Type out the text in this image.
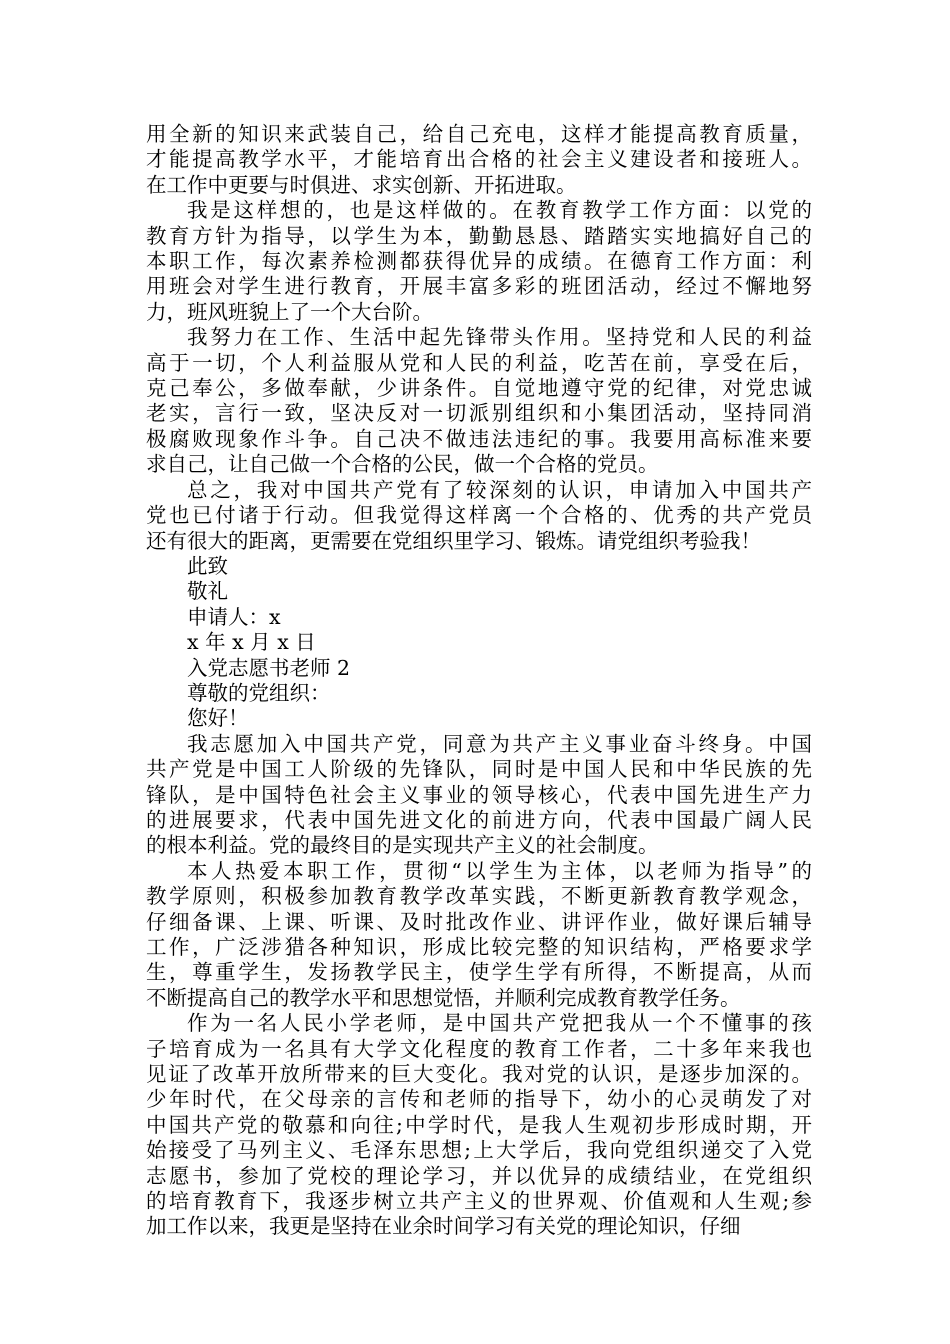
用全新的知识来武装自己，给自己充电，这样才能提高教育质量，
才能提高教学水平，才能培育出合格的社会主义建设者和接班人。
在工作中更要与时俱进、求实创新、开拓进取。

我是这样想的，也是这样做的。在教育教学工作方面：以党的
教育方针为指导，以学生为本，勤勤恳恳、踏踏实实地搞好自己的
本职工作，每次素养检测都获得优异的成绩。在德育工作方面：利
用班会对学生进行教育，开展丰富多彩的班团活动，经过不懈地努
力，班风班貌上了一个大台阶。

我努力在工作、生活中起先锋带头作用。坚持党和人民的利益
高于一切，个人利益服从党和人民的利益，吃苦在前，享受在后，
克己奉公，多做奉献，少讲条件。自觉地遵守党的纪律，对党忠诚
老实，言行一致，坚决反对一切派别组织和小集团活动，坚持同消
极腐败现象作斗争。自己决不做违法违纪的事。我要用高标准来要
求自己，让自己做一个合格的公民，做一个合格的党员。

总之，我对中国共产党有了较深刻的认识，申请加入中国共产
党也已付诸于行动。但我觉得这样离一个合格的、优秀的共产党员
还有很大的距离，更需要在党组织里学习、锻炼。请党组织考验我！

此致

敬礼

申请人：x

x 年 x 月 x 日

入党志愿书老师 2

尊敬的党组织：

您好！

我志愿加入中国共产党，同意为共产主义事业奋斗终身。中国
共产党是中国工人阶级的先锋队，同时是中国人民和中华民族的先
锋队，是中国特色社会主义事业的领导核心，代表中国先进生产力
的进展要求，代表中国先进文化的前进方向，代表中国最广阔人民
的根本利益。党的最终目的是实现共产主义的社会制度。

本人热爱本职工作，贯彻“以学生为主体，以老师为指导”的
教学原则，积极参加教育教学改革实践，不断更新教育教学观念，
仔细备课、上课、听课、及时批改作业、讲评作业，做好课后辅导
工作，广泛涉猎各种知识，形成比较完整的知识结构，严格要求学
生，尊重学生，发扬教学民主，使学生学有所得，不断提高，从而
不断提高自己的教学水平和思想觉悟，并顺利完成教育教学任务。

作为一名人民小学老师，是中国共产党把我从一个不懂事的孩
子培育成为一名具有大学文化程度的教育工作者，二十多年来我也
见证了改革开放所带来的巨大变化。我对党的认识，是逐步加深的。
少年时代，在父母亲的言传和老师的指导下，幼小的心灵萌发了对
中国共产党的敬慕和向往;中学时代，是我人生观初步形成时期，开
始接受了马列主义、毛泽东思想;上大学后，我向党组织递交了入党
志愿书，参加了党校的理论学习，并以优异的成绩结业，在党组织
的培育教育下，我逐步树立共产主义的世界观、价值观和人生观;参
加工作以来，我更是坚持在业余时间学习有关党的理论知识，仔细
